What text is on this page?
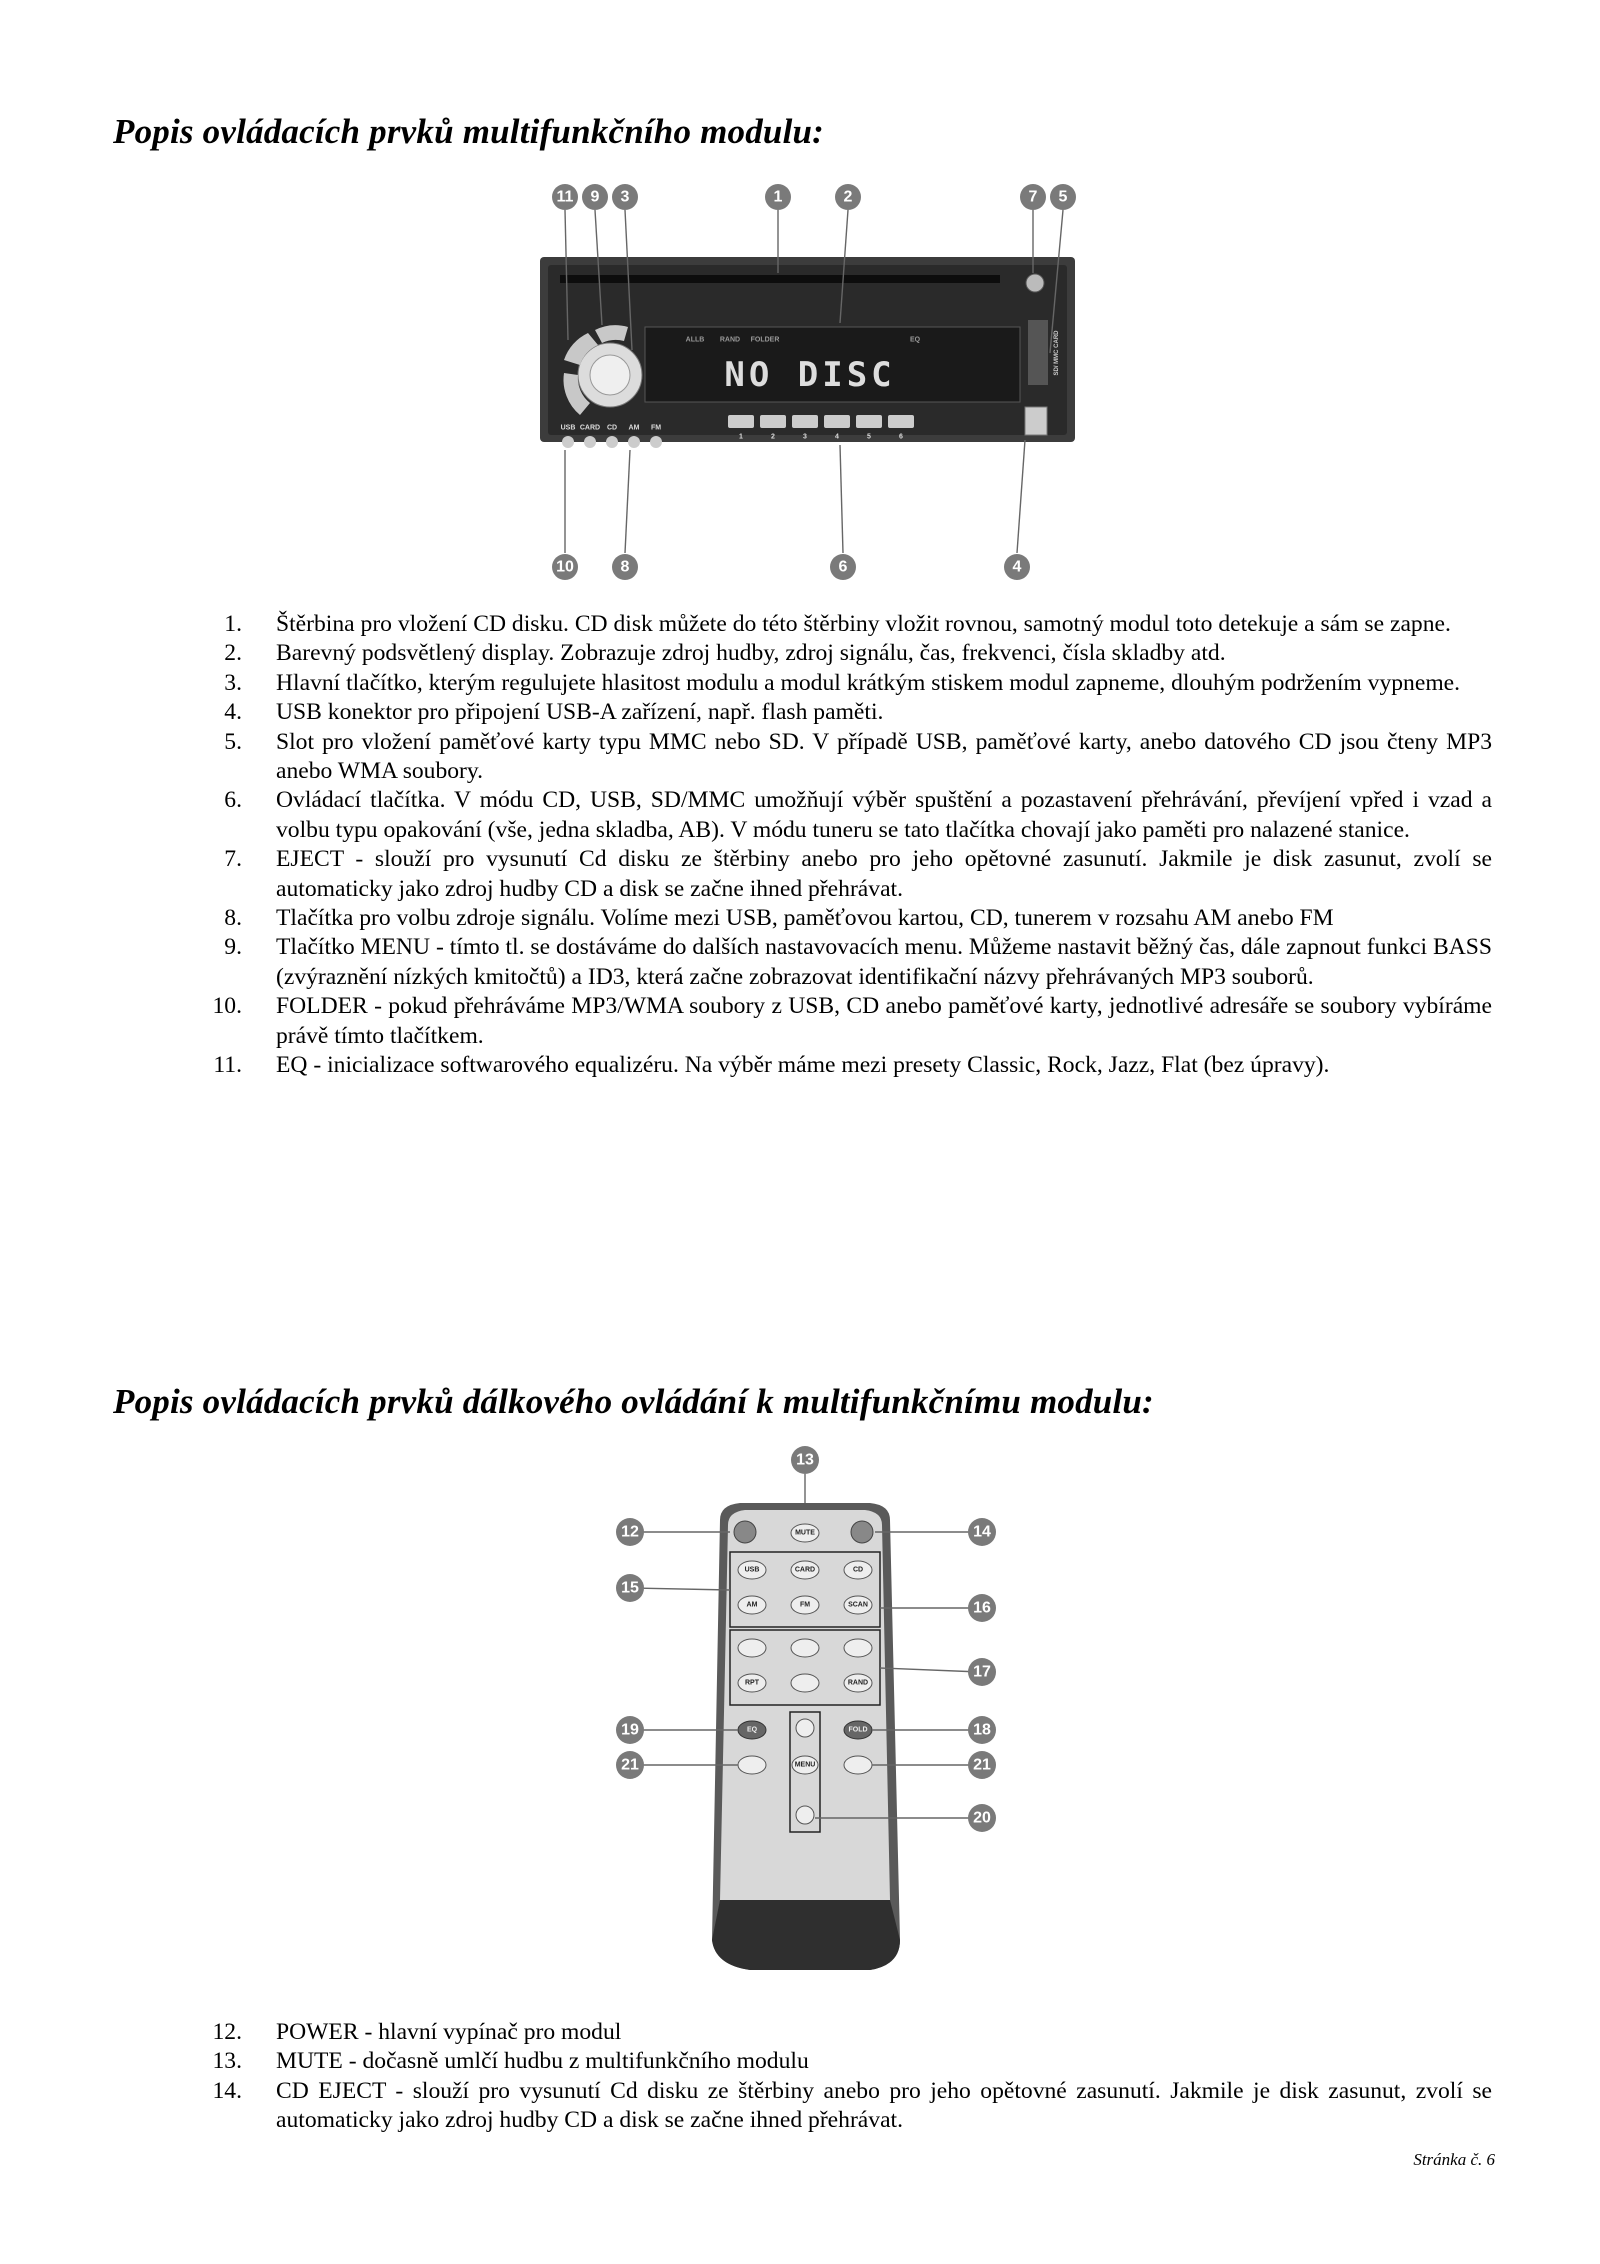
Popis ovládacích prvků multifunkčního modulu:
11 9 3	1	2	7 5
ALLB RAND FOLDER	EQ
NO DISC	SD/ MMC CARD
USB CARD CD AM FM
1	2	3	4	5	6
10	8	6	4
1. Štěrbina pro vložení CD disku. CD disk můžete do této štěrbiny vložit rovnou, samotný modul toto detekuje a sám se zapne.
2. Barevný podsvětlený display. Zobrazuje zdroj hudby, zdroj signálu, čas, frekvenci, čísla skladby atd.
3. Hlavní tlačítko, kterým regulujete hlasitost modulu a modul krátkým stiskem modul zapneme, dlouhým podržením vypneme.
4. USB konektor pro připojení USB-A zařízení, např. flash paměti.
5. Slot pro vložení paměťové karty typu MMC nebo SD. V případě USB, paměťové karty, anebo datového CD jsou čteny MP3 anebo WMA soubory.
6. Ovládací tlačítka. V módu CD, USB, SD/MMC umožňují výběr spuštění a pozastavení přehrávání, převíjení vpřed i vzad a volbu typu opakování (vše, jedna skladba, AB). V módu tuneru se tato tlačítka chovají jako paměti pro nalazené stanice.
7. EJECT - slouží pro vysunutí Cd disku ze štěrbiny anebo pro jeho opětovné zasunutí. Jakmile je disk zasunut, zvolí se automaticky jako zdroj hudby CD a disk se začne ihned přehrávat.
8. Tlačítka pro volbu zdroje signálu. Volíme mezi USB, paměťovou kartou, CD, tunerem v rozsahu AM anebo FM
9. Tlačítko MENU - tímto tl. se dostáváme do dalších nastavovacích menu. Můžeme nastavit běžný čas, dále zapnout funkci BASS (zvýraznění nízkých kmitočtů) a ID3, která začne zobrazovat identifikační názvy přehrávaných MP3 souborů.
10. FOLDER - pokud přehráváme MP3/WMA soubory z USB, CD anebo paměťové karty, jednotlivé adresáře se soubory vybíráme právě tímto tlačítkem.
11. EQ - inicializace softwarového equalizéru. Na výběr máme mezi presety Classic, Rock, Jazz, Flat (bez úpravy).
Popis ovládacích prvků dálkového ovládání k multifunkčnímu modulu:
13
MUTE
USB	CARD	CD
AM	FM	SCAN
RPT	RAND
EQ	FOLD
MENU
12	14
15
16
17
19	18
21	21
20
12. POWER - hlavní vypínač pro modul
13. MUTE - dočasně umlčí hudbu z multifunkčního modulu
14. CD EJECT - slouží pro vysunutí Cd disku ze štěrbiny anebo pro jeho opětovné zasunutí. Jakmile je disk zasunut, zvolí se automaticky jako zdroj hudby CD a disk se začne ihned přehrávat.
Stránka č. 6
